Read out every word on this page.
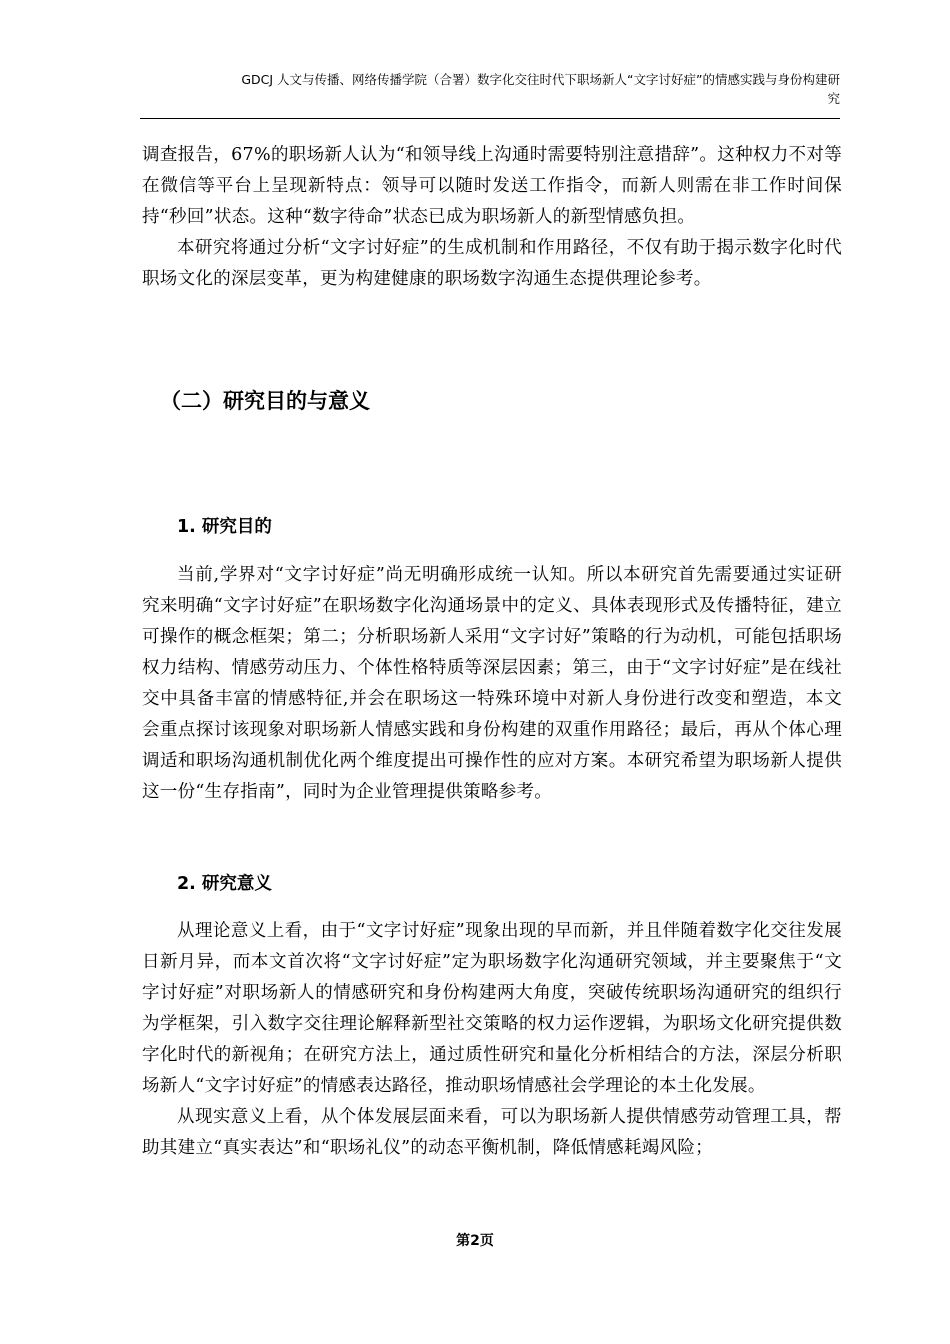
GDCJ 人文与传播、网络传播学院（合署）数字化交往时代下职场新人“文字讨好症”的情感实践与身份构建研
究

调查报告，67%的职场新人认为“和领导线上沟通时需要特别注意措辞”。这种权力不对等在微信等平台上呈现新特点：领导可以随时发送工作指令，而新人则需在非工作时间保持“秒回”状态。这种“数字待命”状态已成为职场新人的新型情感负担。

本研究将通过分析“文字讨好症”的生成机制和作用路径，不仅有助于揭示数字化时代职场文化的深层变革，更为构建健康的职场数字沟通生态提供理论参考。

（二）研究目的与意义
1. 研究目的

当前,学界对“文字讨好症”尚无明确形成统一认知。所以本研究首先需要通过实证研究来明确“文字讨好症”在职场数字化沟通场景中的定义、具体表现形式及传播特征，建立可操作的概念框架；第二；分析职场新人采用“文字讨好”策略的行为动机，可能包括职场权力结构、情感劳动压力、个体性格特质等深层因素；第三，由于“文字讨好症”是在线社交中具备丰富的情感特征,并会在职场这一特殊环境中对新人身份进行改变和塑造，本文会重点探讨该现象对职场新人情感实践和身份构建的双重作用路径；最后，再从个体心理调适和职场沟通机制优化两个维度提出可操作性的应对方案。本研究希望为职场新人提供这一份“生存指南”，同时为企业管理提供策略参考。

2. 研究意义

从理论意义上看，由于“文字讨好症”现象出现的早而新，并且伴随着数字化交往发展日新月异，而本文首次将“文字讨好症”定为职场数字化沟通研究领域，并主要聚焦于“文字讨好症”对职场新人的情感研究和身份构建两大角度，突破传统职场沟通研究的组织行为学框架，引入数字交往理论解释新型社交策略的权力运作逻辑，为职场文化研究提供数字化时代的新视角；在研究方法上，通过质性研究和量化分析相结合的方法，深层分析职场新人“文字讨好症”的情感表达路径，推动职场情感社会学理论的本土化发展。

从现实意义上看，从个体发展层面来看，可以为职场新人提供情感劳动管理工具，帮助其建立“真实表达”和“职场礼仪”的动态平衡机制，降低情感耗竭风险；

第2页
